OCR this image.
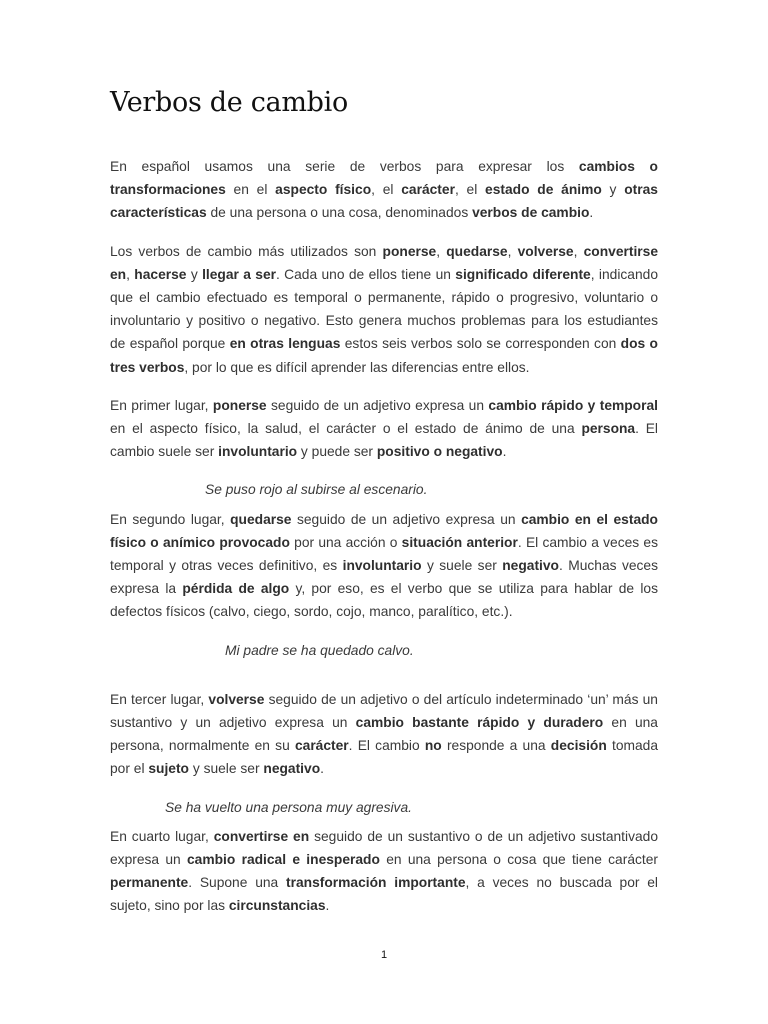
Verbos de cambio

En español usamos una serie de verbos para expresar los cambios o transformaciones en el aspecto físico, el carácter, el estado de ánimo y otras características de una persona o una cosa, denominados verbos de cambio.

Los verbos de cambio más utilizados son ponerse, quedarse, volverse, convertirse en, hacerse y llegar a ser. Cada uno de ellos tiene un significado diferente, indicando que el cambio efectuado es temporal o permanente, rápido o progresivo, voluntario o involuntario y positivo o negativo. Esto genera muchos problemas para los estudiantes de español porque en otras lenguas estos seis verbos solo se corresponden con dos o tres verbos, por lo que es difícil aprender las diferencias entre ellos.

En primer lugar, ponerse seguido de un adjetivo expresa un cambio rápido y temporal en el aspecto físico, la salud, el carácter o el estado de ánimo de una persona. El cambio suele ser involuntario y puede ser positivo o negativo.

Se puso rojo al subirse al escenario.

En segundo lugar, quedarse seguido de un adjetivo expresa un cambio en el estado físico o anímico provocado por una acción o situación anterior. El cambio a veces es temporal y otras veces definitivo, es involuntario y suele ser negativo. Muchas veces expresa la pérdida de algo y, por eso, es el verbo que se utiliza para hablar de los defectos físicos (calvo, ciego, sordo, cojo, manco, paralítico, etc.).

Mi padre se ha quedado calvo.

En tercer lugar, volverse seguido de un adjetivo o del artículo indeterminado ‘un’ más un sustantivo y un adjetivo expresa un cambio bastante rápido y duradero en una persona, normalmente en su carácter. El cambio no responde a una decisión tomada por el sujeto y suele ser negativo.

Se ha vuelto una persona muy agresiva.

En cuarto lugar, convertirse en seguido de un sustantivo o de un adjetivo sustantivado expresa un cambio radical e inesperado en una persona o cosa que tiene carácter permanente. Supone una transformación importante, a veces no buscada por el sujeto, sino por las circunstancias.

1
